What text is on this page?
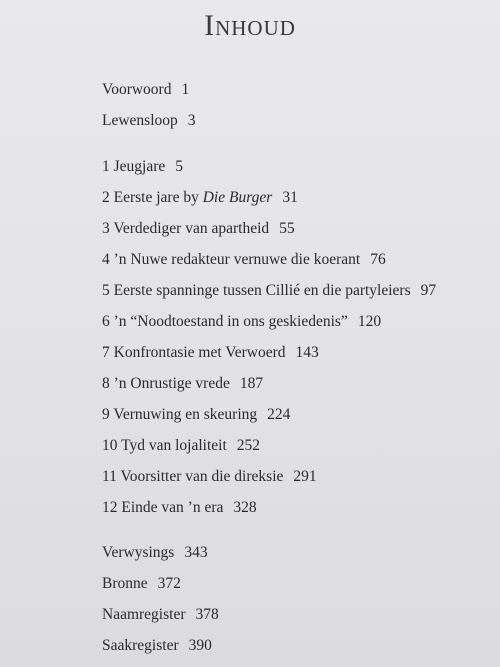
Inhoud
Voorwoord 1
Lewensloop 3
1 Jeugjare 5
2 Eerste jare by Die Burger 31
3 Verdediger van apartheid 55
4 ’n Nuwe redakteur vernuwe die koerant 76
5 Eerste spanninge tussen Cillié en die partyleiers 97
6 ’n “Noodtoestand in ons geskiedenis” 120
7 Konfrontasie met Verwoerd 143
8 ’n Onrustige vrede 187
9 Vernuwing en skeuring 224
10 Tyd van lojaliteit 252
11 Voorsitter van die direksie 291
12 Einde van ’n era 328
Verwysings 343
Bronne 372
Naamregister 378
Saakregister 390
